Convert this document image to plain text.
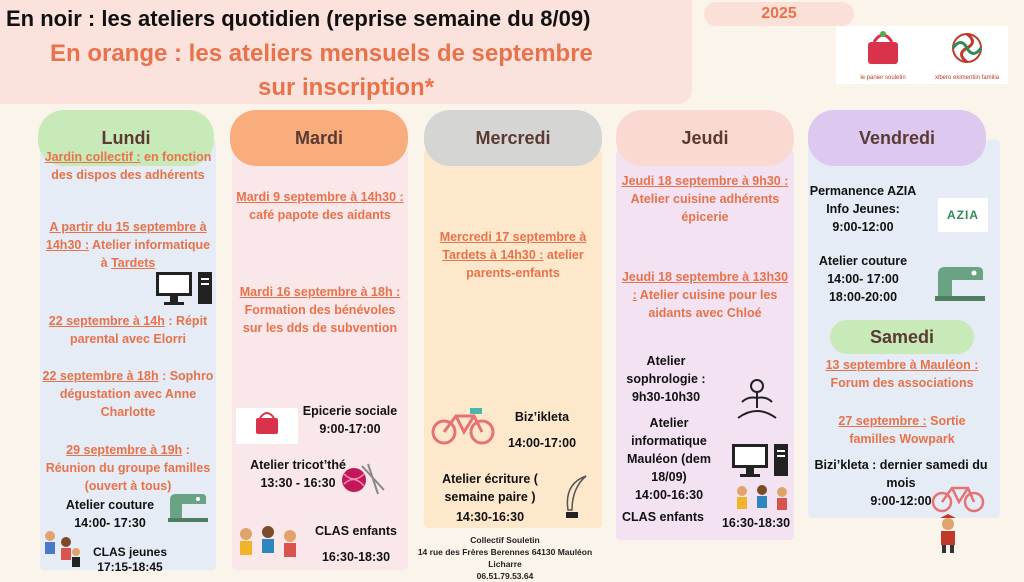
En noir : les ateliers quotidien (reprise semaine du 8/09)
En orange : les ateliers mensuels de septembre
sur inscription*
2025
le panier souletin	xibero ekimentiin familia
Lundi	Mardi	Mercredi	Jeudi	Vendredi
Samedi
Jardin collectif : en fonction des dispos des adhérents
A partir du 15 septembre à 14h30 : Atelier informatique à Tardets
22 septembre à 14h : Répit parental avec Elorri
22 septembre à 18h : Sophro dégustation avec Anne Charlotte
29 septembre à 19h : Réunion du groupe familles (ouvert à tous)
Atelier couture
14:00- 17:30
CLAS jeunes
17:15-18:45
Mardi 9 septembre à 14h30 : café papote des aidants
Mardi 16 septembre à 18h : Formation des bénévoles sur les dds de subvention
Epicerie sociale
9:00-17:00
Atelier tricot’thé
13:30 - 16:30
CLAS enfants
16:30-18:30
Mercredi 17 septembre à Tardets à 14h30 : atelier parents-enfants
Biz’ikleta
14:00-17:00
Atelier écriture ( semaine paire )
14:30-16:30
Jeudi 18 septembre à 9h30 : Atelier cuisine adhérents épicerie
Jeudi 18 septembre à 13h30 : Atelier cuisine pour les aidants avec Chloé
Atelier sophrologie :
9h30-10h30
Atelier informatique Mauléon (dem 18/09)
14:00-16:30
CLAS enfants	16:30-18:30
Permanence AZIA Info Jeunes:
9:00-12:00
AZIA
Atelier couture
14:00- 17:00
18:00-20:00
13 septembre à Mauléon : Forum des associations
27 septembre : Sortie familles Wowpark
Bizi’kleta : dernier samedi du mois
9:00-12:00
Collectif Souletin
14 rue des Frères Berennes 64130 Mauléon Licharre
06.51.79.53.64
